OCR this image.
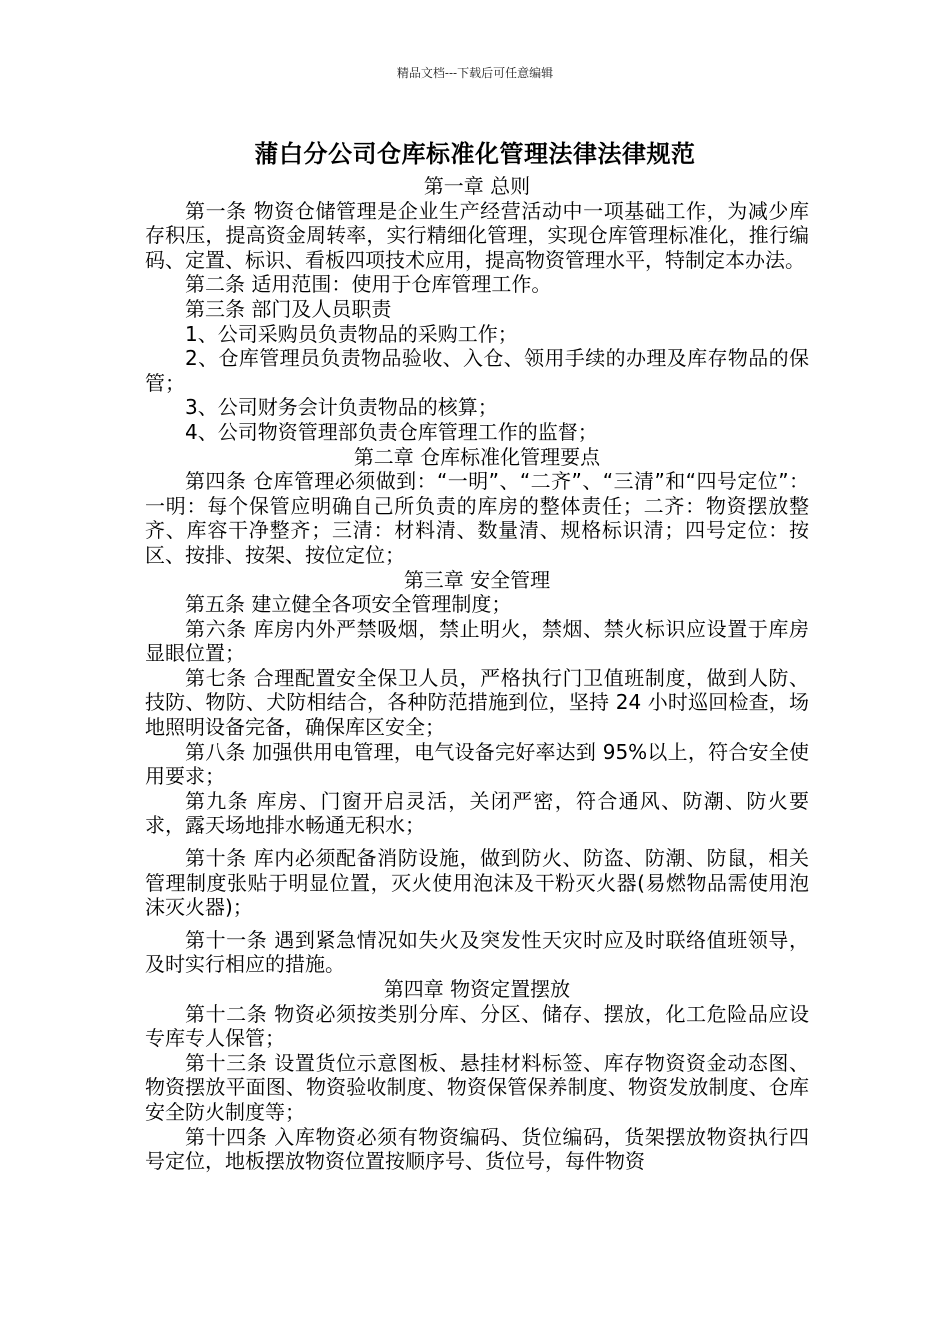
精品文档---下载后可任意编辑
蒲白分公司仓库标准化管理法律法律规范
第一章 总则

第一条 物资仓储管理是企业生产经营活动中一项基础工作，为减少库存积压，提高资金周转率，实行精细化管理，实现仓库管理标准化，推行编码、定置、标识、看板四项技术应用，提高物资管理水平，特制定本办法。

第二条 适用范围：使用于仓库管理工作。

第三条 部门及人员职责

1、公司采购员负责物品的采购工作；

2、仓库管理员负责物品验收、入仓、领用手续的办理及库存物品的保管；

3、公司财务会计负责物品的核算；

4、公司物资管理部负责仓库管理工作的监督；

第二章 仓库标准化管理要点

第四条 仓库管理必须做到：“一明”、“二齐”、“三清”和“四号定位”：一明：每个保管应明确自己所负责的库房的整体责任；二齐：物资摆放整齐、库容干净整齐；三清：材料清、数量清、规格标识清；四号定位：按区、按排、按架、按位定位；

第三章 安全管理

第五条 建立健全各项安全管理制度；

第六条 库房内外严禁吸烟，禁止明火，禁烟、禁火标识应设置于库房显眼位置；

第七条 合理配置安全保卫人员，严格执行门卫值班制度，做到人防、技防、物防、犬防相结合，各种防范措施到位，坚持 24 小时巡回检查，场地照明设备完备，确保库区安全；

第八条 加强供用电管理，电气设备完好率达到 95%以上，符合安全使用要求；

第九条 库房、门窗开启灵活，关闭严密，符合通风、防潮、防火要求，露天场地排水畅通无积水；

第十条 库内必须配备消防设施，做到防火、防盗、防潮、防鼠，相关管理制度张贴于明显位置，灭火使用泡沫及干粉灭火器(易燃物品需使用泡沫灭火器)；

第十一条 遇到紧急情况如失火及突发性天灾时应及时联络值班领导，及时实行相应的措施。

第四章 物资定置摆放

第十二条 物资必须按类别分库、分区、储存、摆放，化工危险品应设专库专人保管；

第十三条 设置货位示意图板、悬挂材料标签、库存物资资金动态图、物资摆放平面图、物资验收制度、物资保管保养制度、物资发放制度、仓库安全防火制度等；

第十四条 入库物资必须有物资编码、货位编码，货架摆放物资执行四号定位，地板摆放物资位置按顺序号、货位号，每件物资
